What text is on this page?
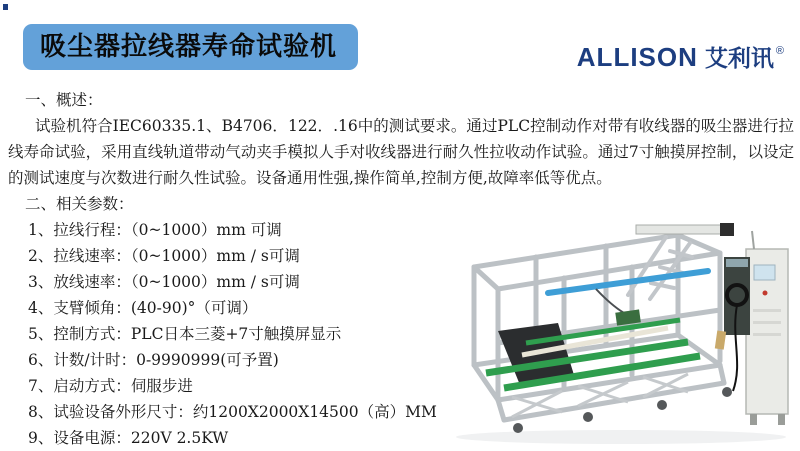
吸尘器拉线器寿命试验机	ALLISON 艾利讯 ®
一、概述：

试验机符合IEC60335.1、B4706．122．.16中的测试要求。通过PLC控制动作对带有收线器的吸尘器进行拉线寿命试验，采用直线轨道带动气动夹手模拟人手对收线器进行耐久性拉收动作试验。通过7寸触摸屏控制，以设定的测试速度与次数进行耐久性试验。设备通用性强,操作简单,控制方便,故障率低等优点。

二、相关参数：
1、拉线行程：（0~1000）mm 可调
2、拉线速率：（0~1000）mm / s可调
3、放线速率：（0~1000）mm / s可调
4、支臂倾角：(40-90)°（可调）
5、控制方式：PLC日本三菱+7寸触摸屏显示
6、计数/计时：0-9990999(可予置)
7、启动方式：伺服步进
8、试验设备外形尺寸：约1200X2000X14500（高）MM
9、设备电源：220V 2.5KW
